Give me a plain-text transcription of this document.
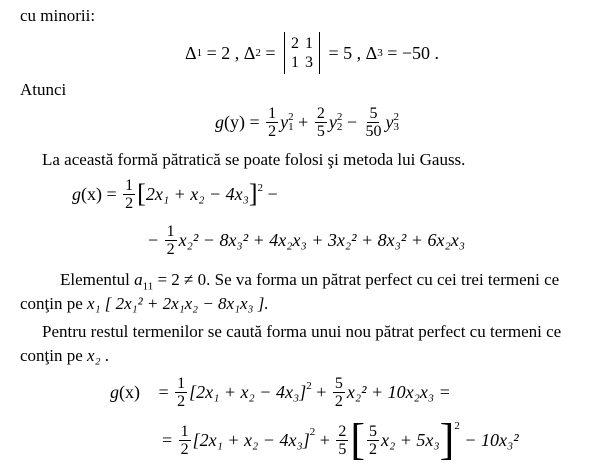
cu minorii:
Δ 1 = 2 , Δ 2 = 2	1
1	3 = 5 , Δ 3 = −50 .
Atunci
g $(y) = \frac{1}{2}$ y 2
$1 + \frac{2}{5}$ y 2
$2 - \frac{5}{50}$ y 2
3
La această formă pătratică se poate folosi şi metoda lui Gauss.
g $(x) = \frac{1}{2}$ [ 2x₁ + x₂ − 4x₃ ]$^2$ −
− $\frac{1}{2} x_2^2 - 8x_3^2 + 4x_2x_3 + 3x_2^2 + 8x_3^2 + 6x_2x_3$
Elementul $a_{11} = 2 \ne 0$. Se va forma un pătrat perfect cu cei trei termeni ce
conţin pe x₁ [ 2x₁² + 2x₁x₂ − 8x₁x₃ ].
Pentru restul termenilor se caută forma unui nou pătrat perfect cu termeni ce
conţin pe x₂ .
g $(x) = \frac{1}{2} [2x_1 + x_2 - 4x_3]^2 + \frac{5}{2} x_2^2 + 10x_2x_3$ =
= $\frac{1}{2} [2x_1 + x_2 - 4x_3]^2 + \frac{2}{5}$ [ $\frac{5}{2} x_2 + 5x_3$ ]$^2$
− 10x₃²
